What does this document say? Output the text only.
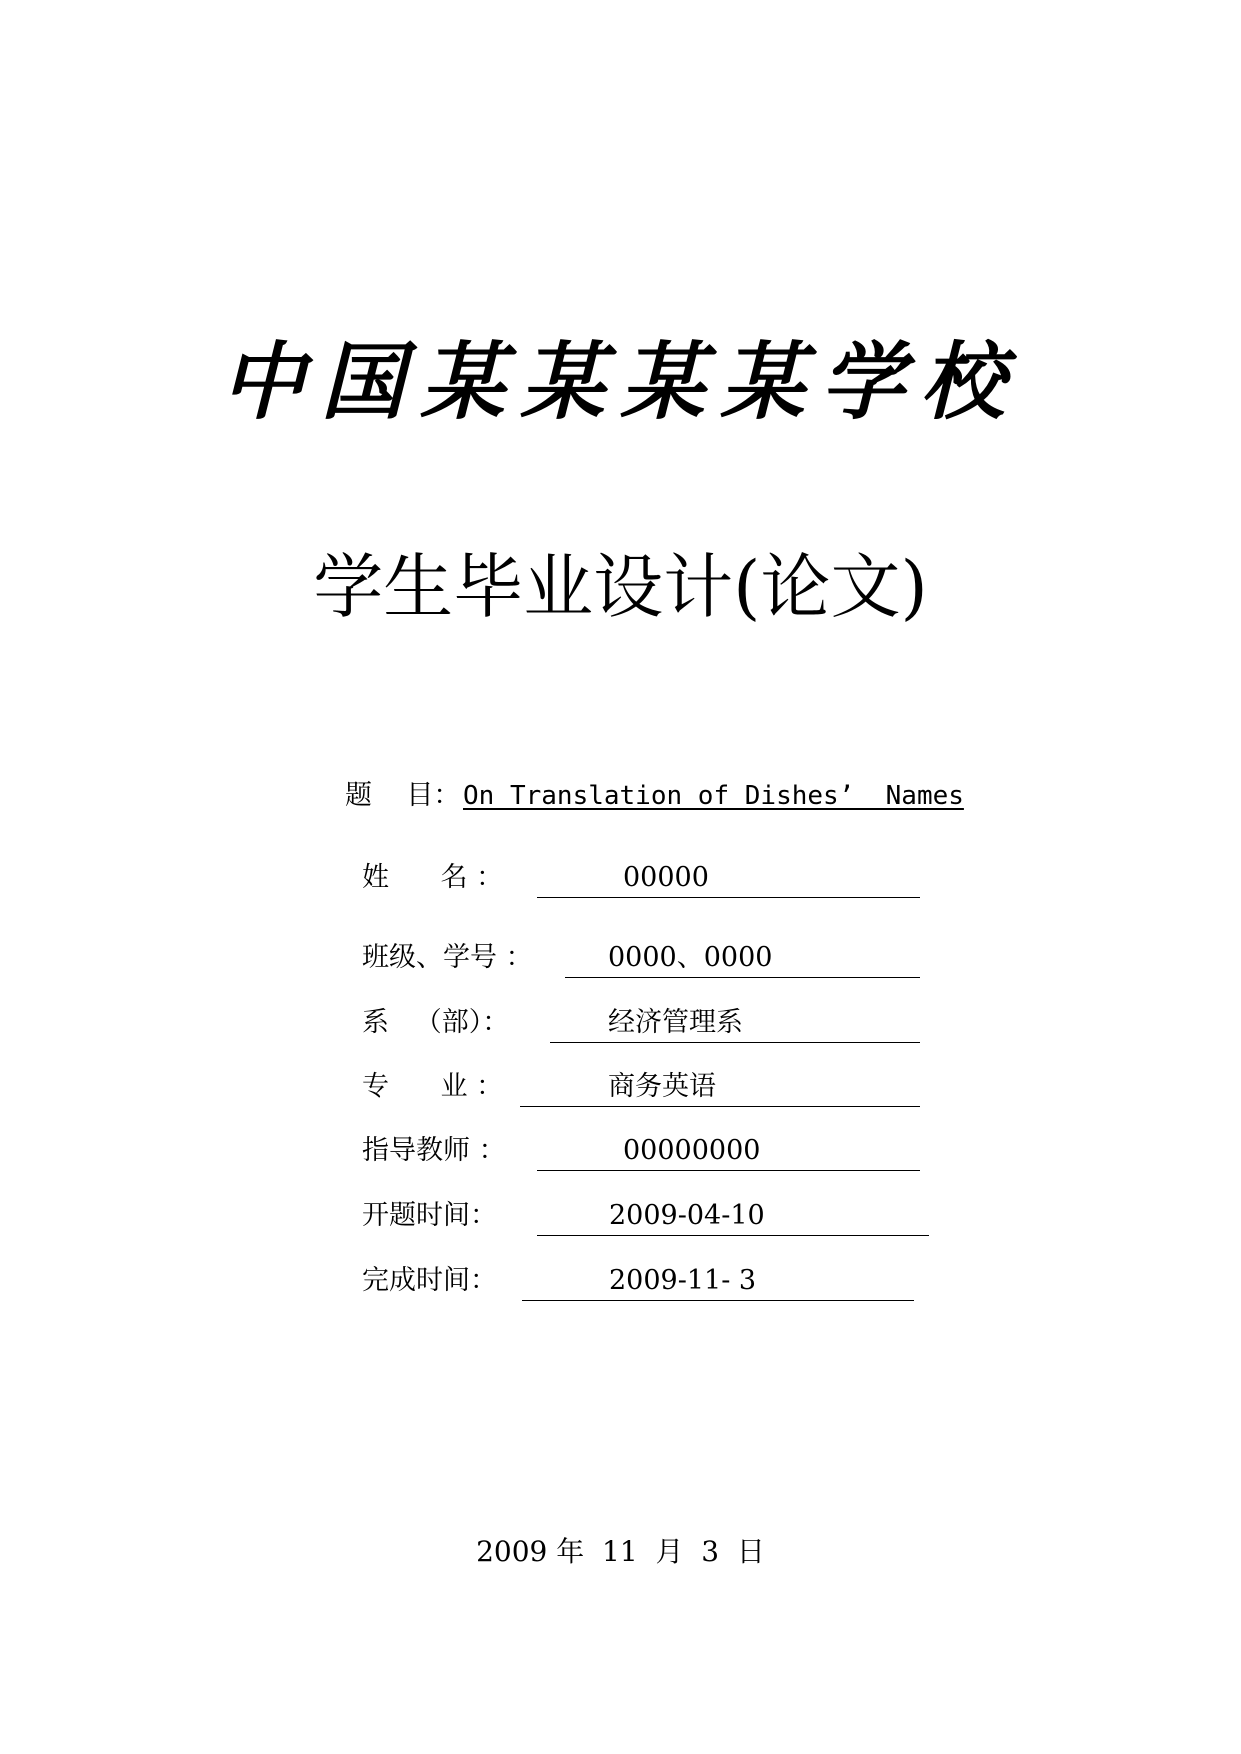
中国某某某某学校
学生毕业设计(论文)
题    目：

On Translation of Dishes’  Names

姓      名 ：

	00000

班级、学号 ：

	0000、0000

系   （部）：

	经济管理系

专      业 ：

	商务英语

指导教师 ：

	00000000

开题时间：

	2009-04-10

完成时间：

	2009-11- 3

2009 年  11  月  3  日
